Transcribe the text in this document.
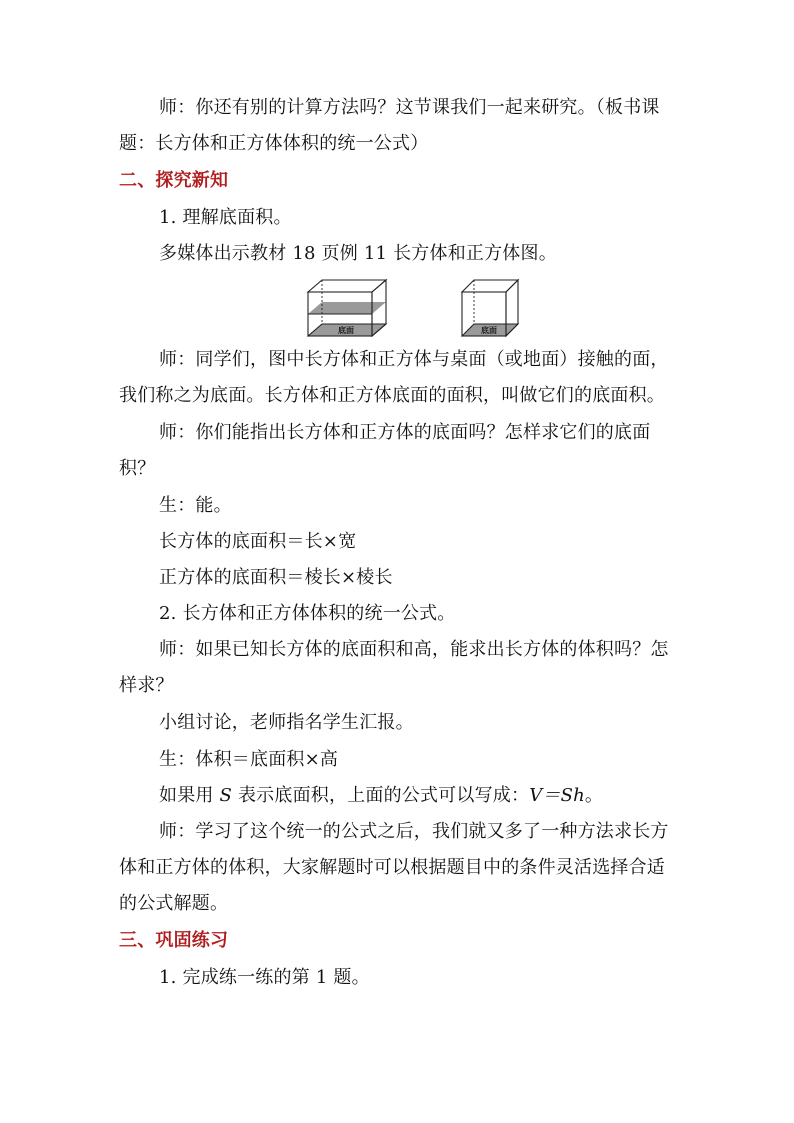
师：你还有别的计算方法吗？这节课我们一起来研究。（板书课
题：长方体和正方体体积的统一公式）
二、探究新知
1. 理解底面积。
多媒体出示教材 18 页例 11 长方体和正方体图。
底面	底面
师：同学们，图中长方体和正方体与桌面（或地面）接触的面，
我们称之为底面。长方体和正方体底面的面积，叫做它们的底面积。
师：你们能指出长方体和正方体的底面吗？怎样求它们的底面
积？
生：能。
长方体的底面积＝长×宽
正方体的底面积＝棱长×棱长
2. 长方体和正方体体积的统一公式。
师：如果已知长方体的底面积和高，能求出长方体的体积吗？怎
样求？
小组讨论，老师指名学生汇报。
生：体积＝底面积×高
如果用 S 表示底面积，上面的公式可以写成：V＝Sh。
师：学习了这个统一的公式之后，我们就又多了一种方法求长方
体和正方体的体积，大家解题时可以根据题目中的条件灵活选择合适
的公式解题。
三、巩固练习
1. 完成练一练的第 1 题。
